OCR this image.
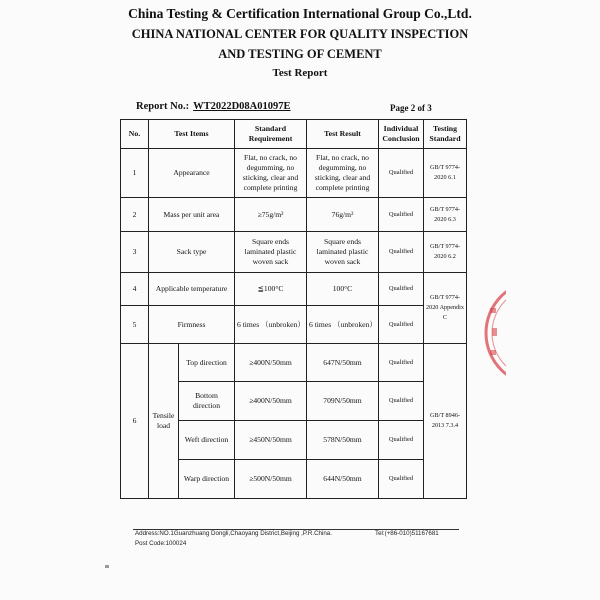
China Testing & Certification International Group Co.,Ltd.
CHINA NATIONAL CENTER FOR QUALITY INSPECTION
AND TESTING OF CEMENT
Test Report
Report No.: WT2022D08A01097E	Page 2 of 3
No.	Test Items		Standard Requirement	Test Result	Individual Conclusion	Testing Standard
1	Appearance		Flat, no crack, no degumming, no sticking, clear and complete printing	Flat, no crack, no degumming, no sticking, clear and complete printing	Qualified	GB/T 9774-2020 6.1
2	Mass per unit area		≥75g/m²	76g/m²	Qualified	GB/T 9774-2020 6.3
3	Sack type		Square ends laminated plastic woven sack	Square ends laminated plastic woven sack	Qualified	GB/T 9774-2020 6.2
4	Applicable temperature		≦100°C	100°C	Qualified	GB/T 9774-2020 Appendix C
5	Firmness		6 times （unbroken）	6 times （unbroken）	Qualified	
6	Tensile load	Top direction	≥400N/50mm	647N/50mm	Qualified	GB/T 8946-2013 7.3.4
		Bottom direction	≥400N/50mm	709N/50mm	Qualified	
		Weft direction	≥450N/50mm	578N/50mm	Qualified	
		Warp direction	≥500N/50mm	644N/50mm	Qualified	
Address:NO.1Guanzhuang Dongli,Chaoyang District,Beijing ,P.R.China.	Tel:(+86-010)51167681
Post Code:100024
